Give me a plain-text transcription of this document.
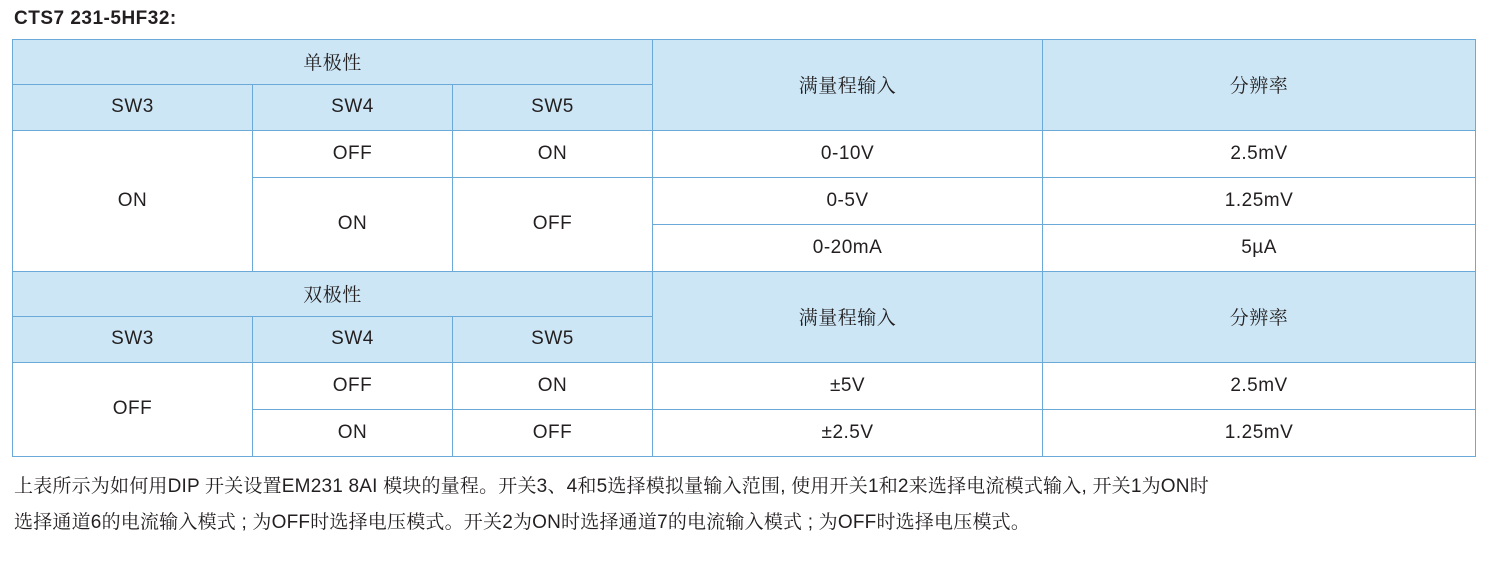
CTS7 231-5HF32:
单极性			满量程输入	分辨率
SW3	SW4	SW5		
ON	OFF	ON	0-10V	2.5mV
	ON	OFF	0-5V	1.25mV
			0-20mA	5µA
双极性			满量程输入	分辨率
SW3	SW4	SW5		
OFF	OFF	ON	±5V	2.5mV
	ON	OFF	±2.5V	1.25mV

上表所示为如何用DIP 开关设置EM231 8AI 模块的量程。开关3、4和5选择模拟量输入范围, 使用开关1和2来选择电流模式输入, 开关1为ON时

选择通道6的电流输入模式 ; 为OFF时选择电压模式。开关2为ON时选择通道7的电流输入模式 ; 为OFF时选择电压模式。
